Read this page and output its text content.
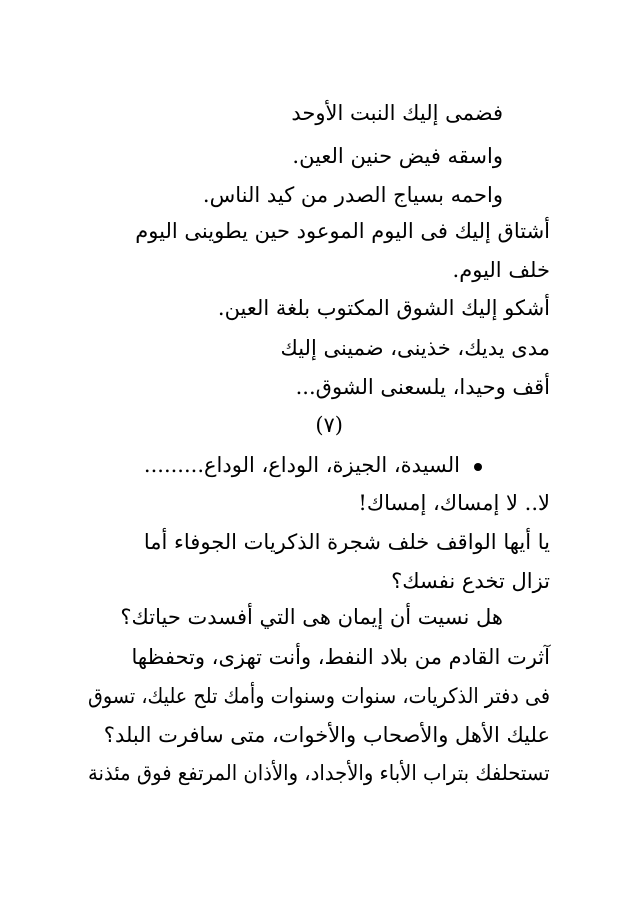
فضمى إليك النبت الأوحد
واسقه فيض حنين العين.
واحمه بسياج الصدر من كيد الناس.
أشتاق إليك فى اليوم الموعود حين يطوينى اليوم
خلف اليوم.
أشكو إليك الشوق المكتوب بلغة العين.
مدى يديك، خذينى، ضمينى إليك
أقف وحيدا، يلسعنى الشوق...
(٧)
السيدة، الجيزة، الوداع، الوداع.........
لا.. لا إمساك، إمساك!
يا أيها الواقف خلف شجرة الذكريات الجوفاء أما
تزال تخدع نفسك؟
هل نسيت أن إيمان هى التي أفسدت حياتك؟
آثرت القادم من بلاد النفط، وأنت تهزى، وتحفظها
فى دفتر الذكريات، سنوات وسنوات وأمك تلح عليك، تسوق
عليك الأهل والأصحاب والأخوات، متى سافرت البلد؟
تستحلفك بتراب الأباء والأجداد، والأذان المرتفع فوق مئذنة
